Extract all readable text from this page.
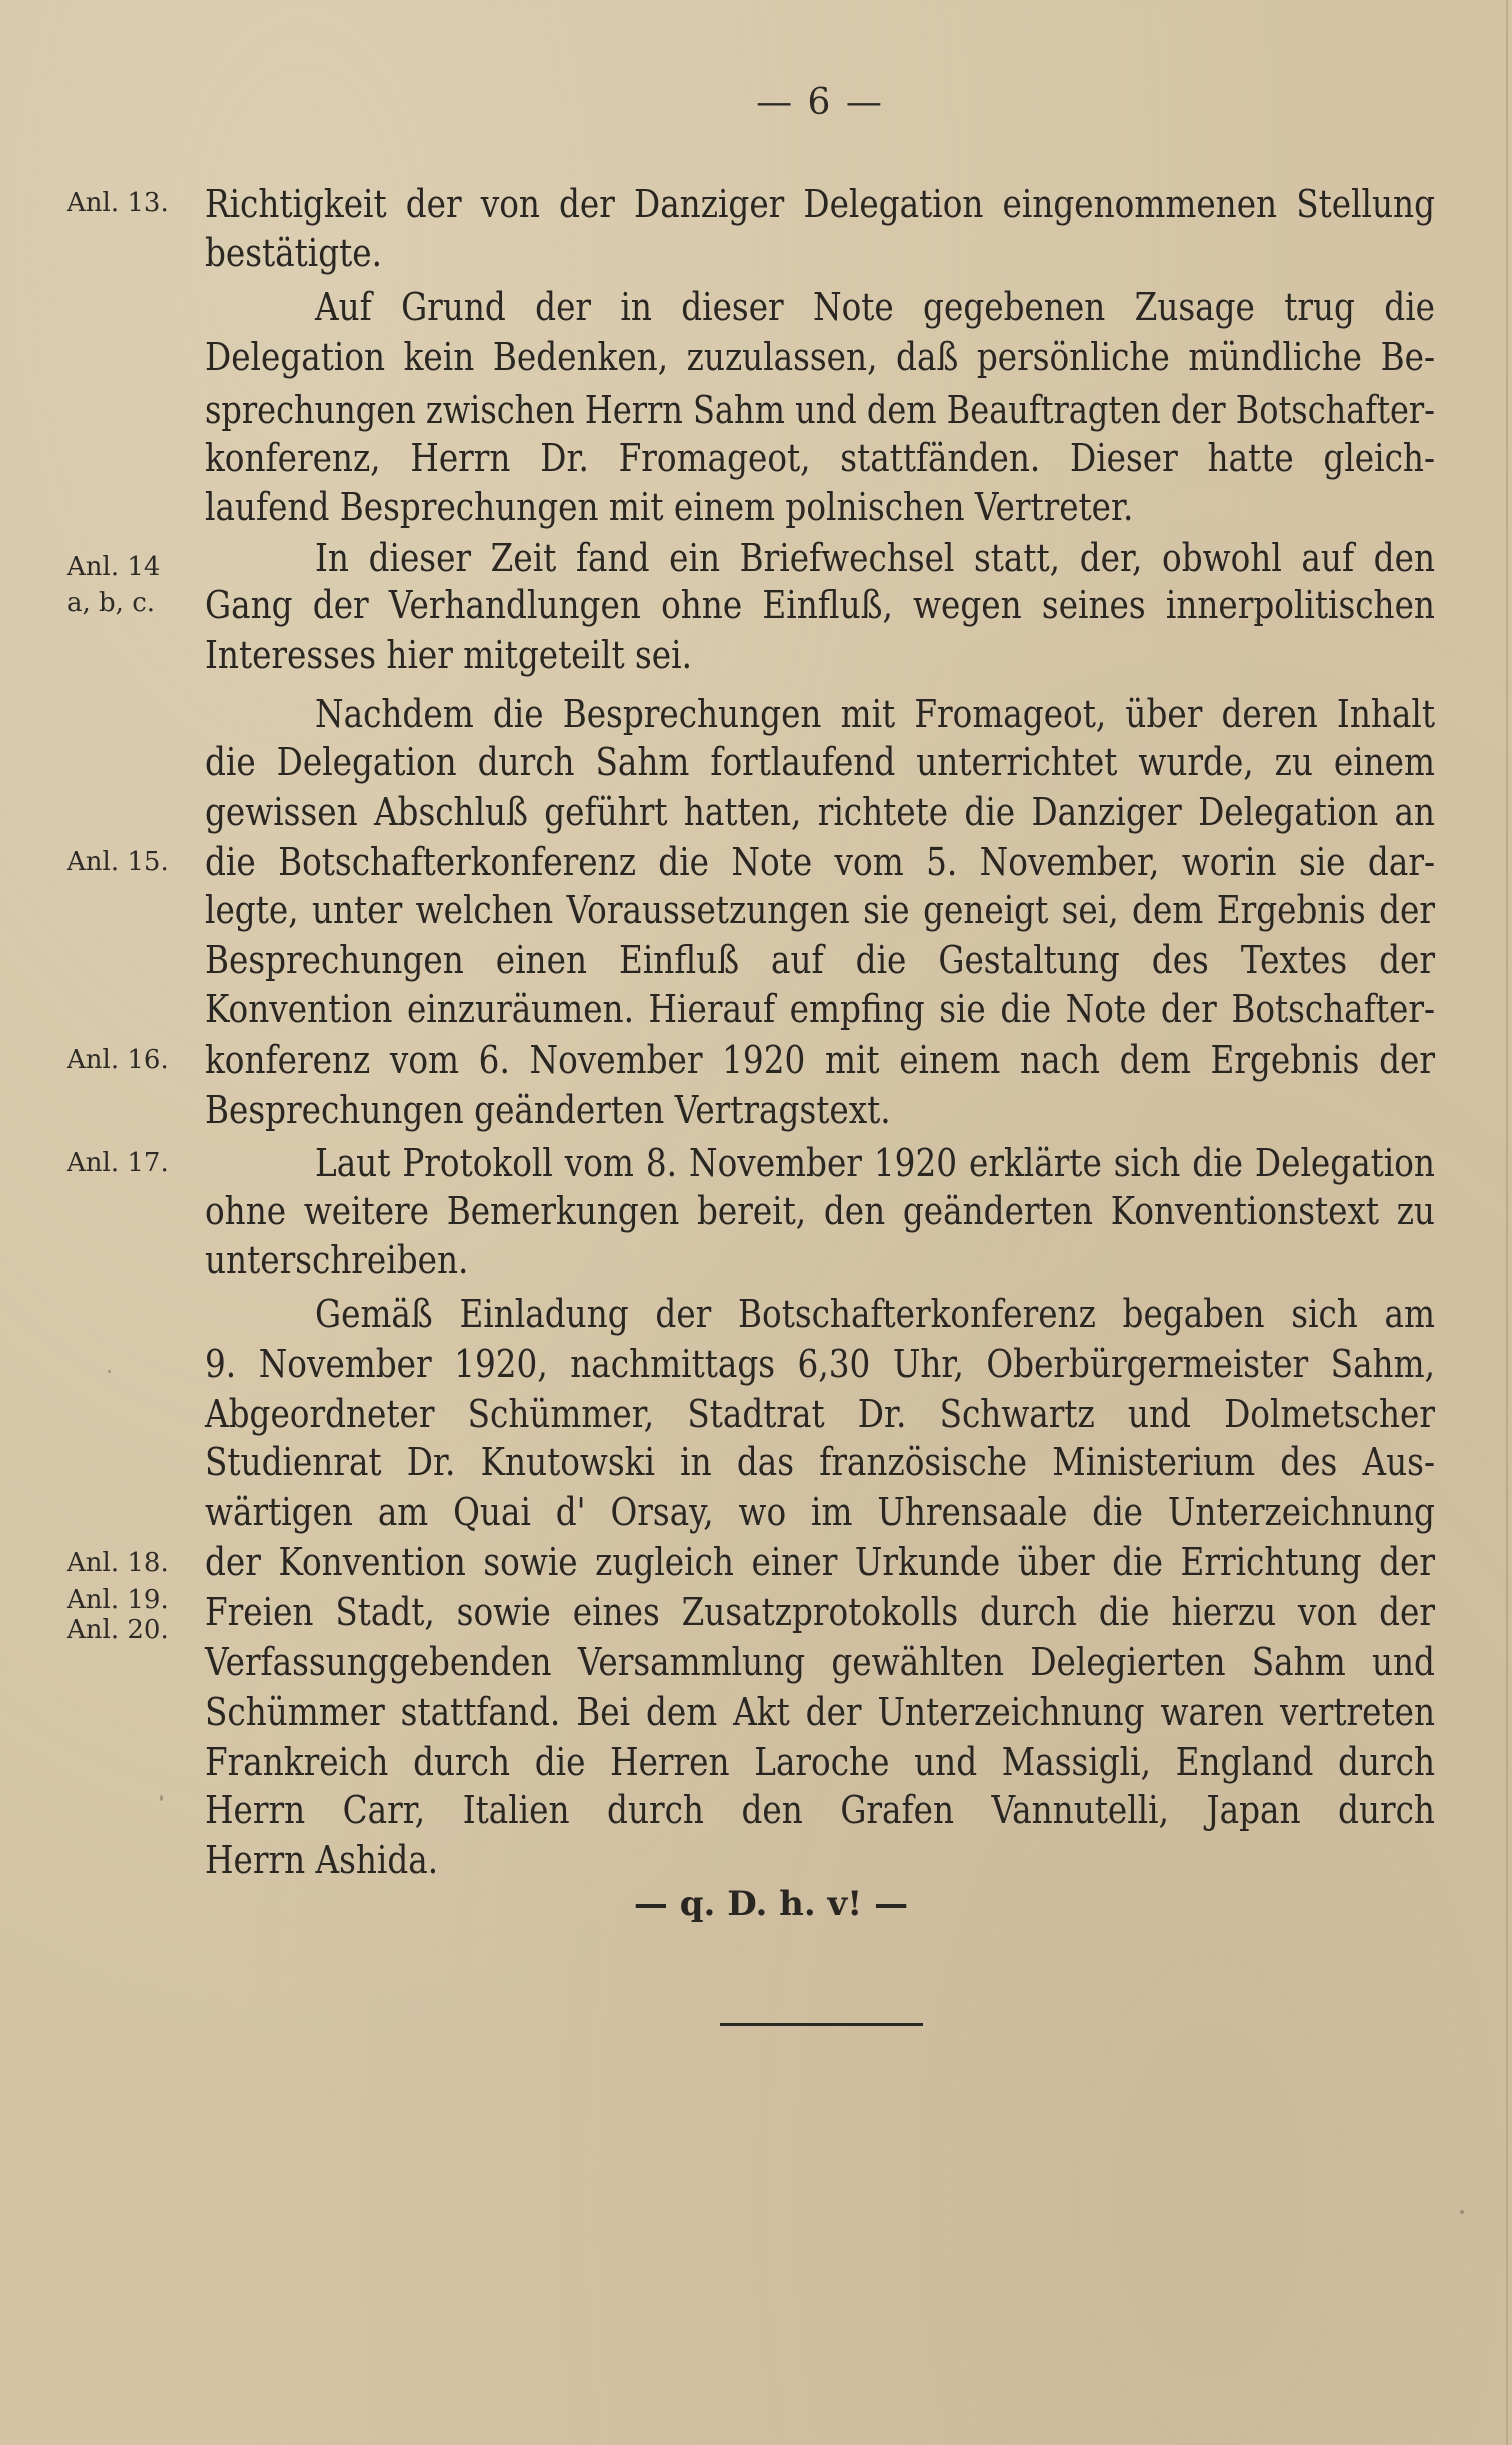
— 6 —
Anl. 13.
Anl. 14
a, b, c.
Anl. 15.
Anl. 16.
Anl. 17.
Anl. 18.
Anl. 19.
Anl. 20.
Richtigkeit der von der Danziger Delegation eingenommenen Stellung
bestätigte.
Auf Grund der in dieser Note gegebenen Zusage trug die
Delegation kein Bedenken, zuzulassen, daß persönliche mündliche Be-
sprechungen zwischen Herrn Sahm und dem Beauftragten der Botschafter-
konferenz, Herrn Dr. Fromageot, stattfänden. Dieser hatte gleich-
laufend Besprechungen mit einem polnischen Vertreter.
In dieser Zeit fand ein Briefwechsel statt, der, obwohl auf den
Gang der Verhandlungen ohne Einfluß, wegen seines innerpolitischen
Interesses hier mitgeteilt sei.
Nachdem die Besprechungen mit Fromageot, über deren Inhalt
die Delegation durch Sahm fortlaufend unterrichtet wurde, zu einem
gewissen Abschluß geführt hatten, richtete die Danziger Delegation an
die Botschafterkonferenz die Note vom 5. November, worin sie dar-
legte, unter welchen Voraussetzungen sie geneigt sei, dem Ergebnis der
Besprechungen einen Einfluß auf die Gestaltung des Textes der
Konvention einzuräumen. Hierauf empfing sie die Note der Botschafter-
konferenz vom 6. November 1920 mit einem nach dem Ergebnis der
Besprechungen geänderten Vertragstext.
Laut Protokoll vom 8. November 1920 erklärte sich die Delegation
ohne weitere Bemerkungen bereit, den geänderten Konventionstext zu
unterschreiben.
Gemäß Einladung der Botschafterkonferenz begaben sich am
9. November 1920, nachmittags 6,30 Uhr, Oberbürgermeister Sahm,
Abgeordneter Schümmer, Stadtrat Dr. Schwartz und Dolmetscher
Studienrat Dr. Knutowski in das französische Ministerium des Aus-
wärtigen am Quai d' Orsay, wo im Uhrensaale die Unterzeichnung
der Konvention sowie zugleich einer Urkunde über die Errichtung der
Freien Stadt, sowie eines Zusatzprotokolls durch die hierzu von der
Verfassunggebenden Versammlung gewählten Delegierten Sahm und
Schümmer stattfand. Bei dem Akt der Unterzeichnung waren vertreten
Frankreich durch die Herren Laroche und Massigli, England durch
Herrn Carr, Italien durch den Grafen Vannutelli, Japan durch
Herrn Ashida.
— q. D. h. v! —
